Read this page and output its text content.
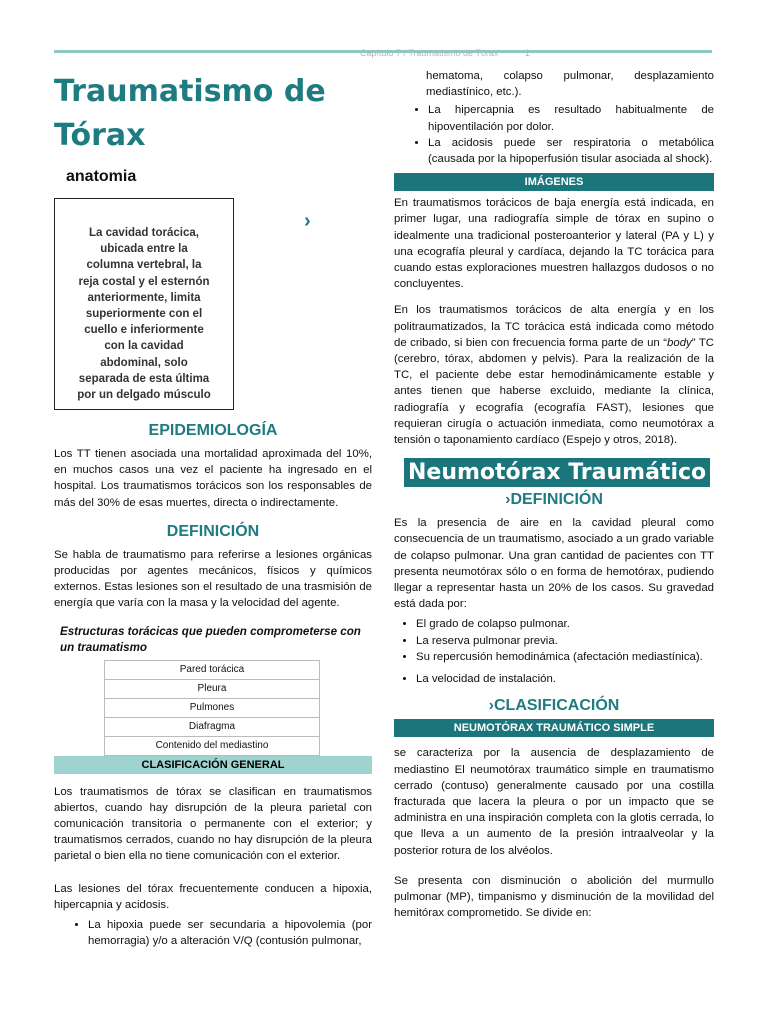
Capítulo 7 / Traumatismo de Tórax	1
Traumatismo de
Tórax
anatomia
La cavidad torácica,
ubicada entre la
columna vertebral, la
reja costal y el esternón
anteriormente, limita
superiormente con el
cuello e inferiormente
con la cavidad
abdominal, solo
separada de esta última
por un delgado músculo
›
EPIDEMIOLOGÍA

Los TT tienen asociada una mortalidad aproximada del 10%, en muchos casos una vez el paciente ha ingresado en el hospital. Los traumatismos torácicos son los responsables de más del 30% de esas muertes, directa o indirectamente.

DEFINICIÓN

Se habla de traumatismo para referirse a lesiones orgánicas producidas por agentes mecánicos, físicos y químicos externos. Estas lesiones son el resultado de una trasmisión de energía que varía con la masa y la velocidad del agente.

Estructuras torácicas que pueden comprometerse con un traumatismo
Pared torácica
Pleura
Pulmones
Diafragma
Contenido del mediastino
CLASIFICACIÓN GENERAL

Los traumatismos de tórax se clasifican en traumatismos abiertos, cuando hay disrupción de la pleura parietal con comunicación transitoria o permanente con el exterior; y traumatismos cerrados, cuando no hay disrupción de la pleura parietal o bien ella no tiene comunicación con el exterior.

Las lesiones del tórax frecuentemente conducen a hipoxia, hipercapnia y acidosis.

• La hipoxia puede ser secundaria a hipovolemia (por hemorragia) y/o a alteración V/Q (contusión pulmonar,

hematoma, colapso pulmonar, desplazamiento mediastínico, etc.).

• La hipercapnia es resultado habitualmente de hipoventilación por dolor.
• La acidosis puede ser respiratoria o metabólica (causada por la hipoperfusión tisular asociada al shock).
IMÁGENES

En traumatismos torácicos de baja energía está indicada, en primer lugar, una radiografía simple de tórax en supino o idealmente una tradicional posteroanterior y lateral (PA y L) y una ecografía pleural y cardíaca, dejando la TC torácica para cuando estas exploraciones muestren hallazgos dudosos o no concluyentes.

En los traumatismos torácicos de alta energía y en los politraumatizados, la TC torácica está indicada como método de cribado, si bien con frecuencia forma parte de un “body” TC (cerebro, tórax, abdomen y pelvis). Para la realización de la TC, el paciente debe estar hemodinámicamente estable y antes tienen que haberse excluido, mediante la clínica, radiografía y ecografía (ecografía FAST), lesiones que requieran cirugía o actuación inmediata, como neumotórax a tensión o taponamiento cardíaco (Espejo y otros, 2018).

Neumotórax Traumático
›DEFINICIÓN

Es la presencia de aire en la cavidad pleural como consecuencia de un traumatismo, asociado a un grado variable de colapso pulmonar. Una gran cantidad de pacientes con TT presenta neumotórax sólo o en forma de hemotórax, pudiendo llegar a representar hasta un 20% de los casos. Su gravedad está dada por:

• El grado de colapso pulmonar.
• La reserva pulmonar previa.
• Su repercusión hemodinámica (afectación mediastínica).
• La velocidad de instalación.
›CLASIFICACIÓN
NEUMOTÓRAX TRAUMÁTICO SIMPLE

se caracteriza por la ausencia de desplazamiento de mediastino El neumotórax traumático simple en traumatismo cerrado (contuso) generalmente causado por una costilla fracturada que lacera la pleura o por un impacto que se administra en una inspiración completa con la glotis cerrada, lo que lleva a un aumento de la presión intraalveolar y la posterior rotura de los alvéolos.

Se presenta con disminución o abolición del murmullo pulmonar (MP), timpanismo y disminución de la movilidad del hemitórax comprometido. Se divide en:
